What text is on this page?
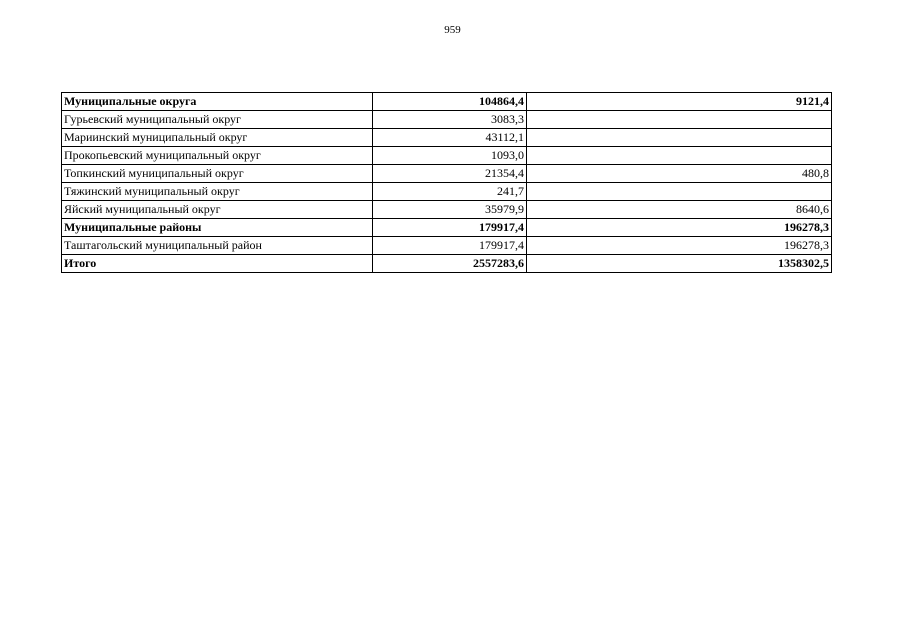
959
Муниципальные округа	104864,4	9121,4
Гурьевский муниципальный округ	3083,3	
Мариинский муниципальный округ	43112,1	
Прокопьевский муниципальный округ	1093,0	
Топкинский муниципальный округ	21354,4	480,8
Тяжинский муниципальный округ	241,7	
Яйский муниципальный округ	35979,9	8640,6
Муниципальные районы	179917,4	196278,3
Таштагольский муниципальный район	179917,4	196278,3
Итого	2557283,6	1358302,5
